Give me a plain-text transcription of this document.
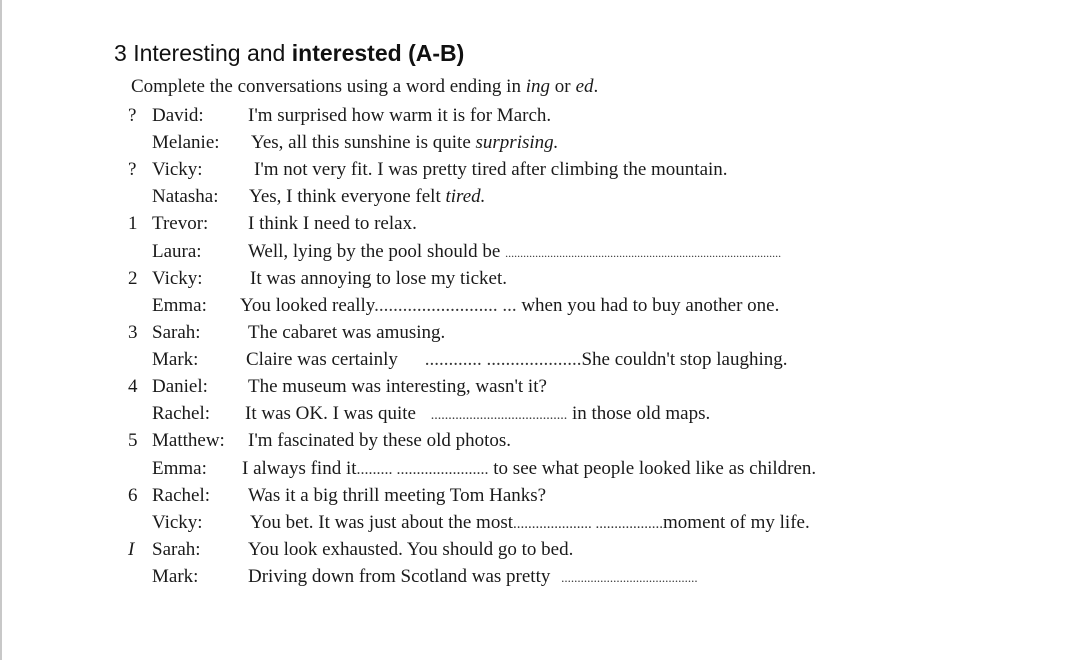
3 Interesting and interested (A-B)
Complete the conversations using a word ending in ing or ed.
? David: I'm surprised how warm it is for March.
Melanie: Yes, all this sunshine is quite surprising.
? Vicky:	I'm not very fit. I was pretty tired after climbing the mountain.
Natasha: Yes, I think everyone felt tired.
1 Trevor: I think I need to relax.
Laura: Well, lying by the pool should be ............................................................................................
2 Vicky: It was annoying to lose my ticket.
Emma: You looked really.......................... ... when you had to buy another one.
3 Sarah: The cabaret was amusing.
Mark:	Claire was certainly ............ ....................She couldn't stop laughing.
4 Daniel: The museum was interesting, wasn't it?
Rachel: It was OK. I was quite ....................................... in those old maps.
5 Matthew: I'm fascinated by these old photos.
Emma: I always find it......... ....................... to see what people looked like as children.
6 Rachel: Was it a big thrill meeting Tom Hanks?
Vicky: You bet. It was just about the most..................... ..................moment of my life.
I Sarah: You look exhausted. You should go to bed.
Mark:	Driving down from Scotland was pretty ..........................................
